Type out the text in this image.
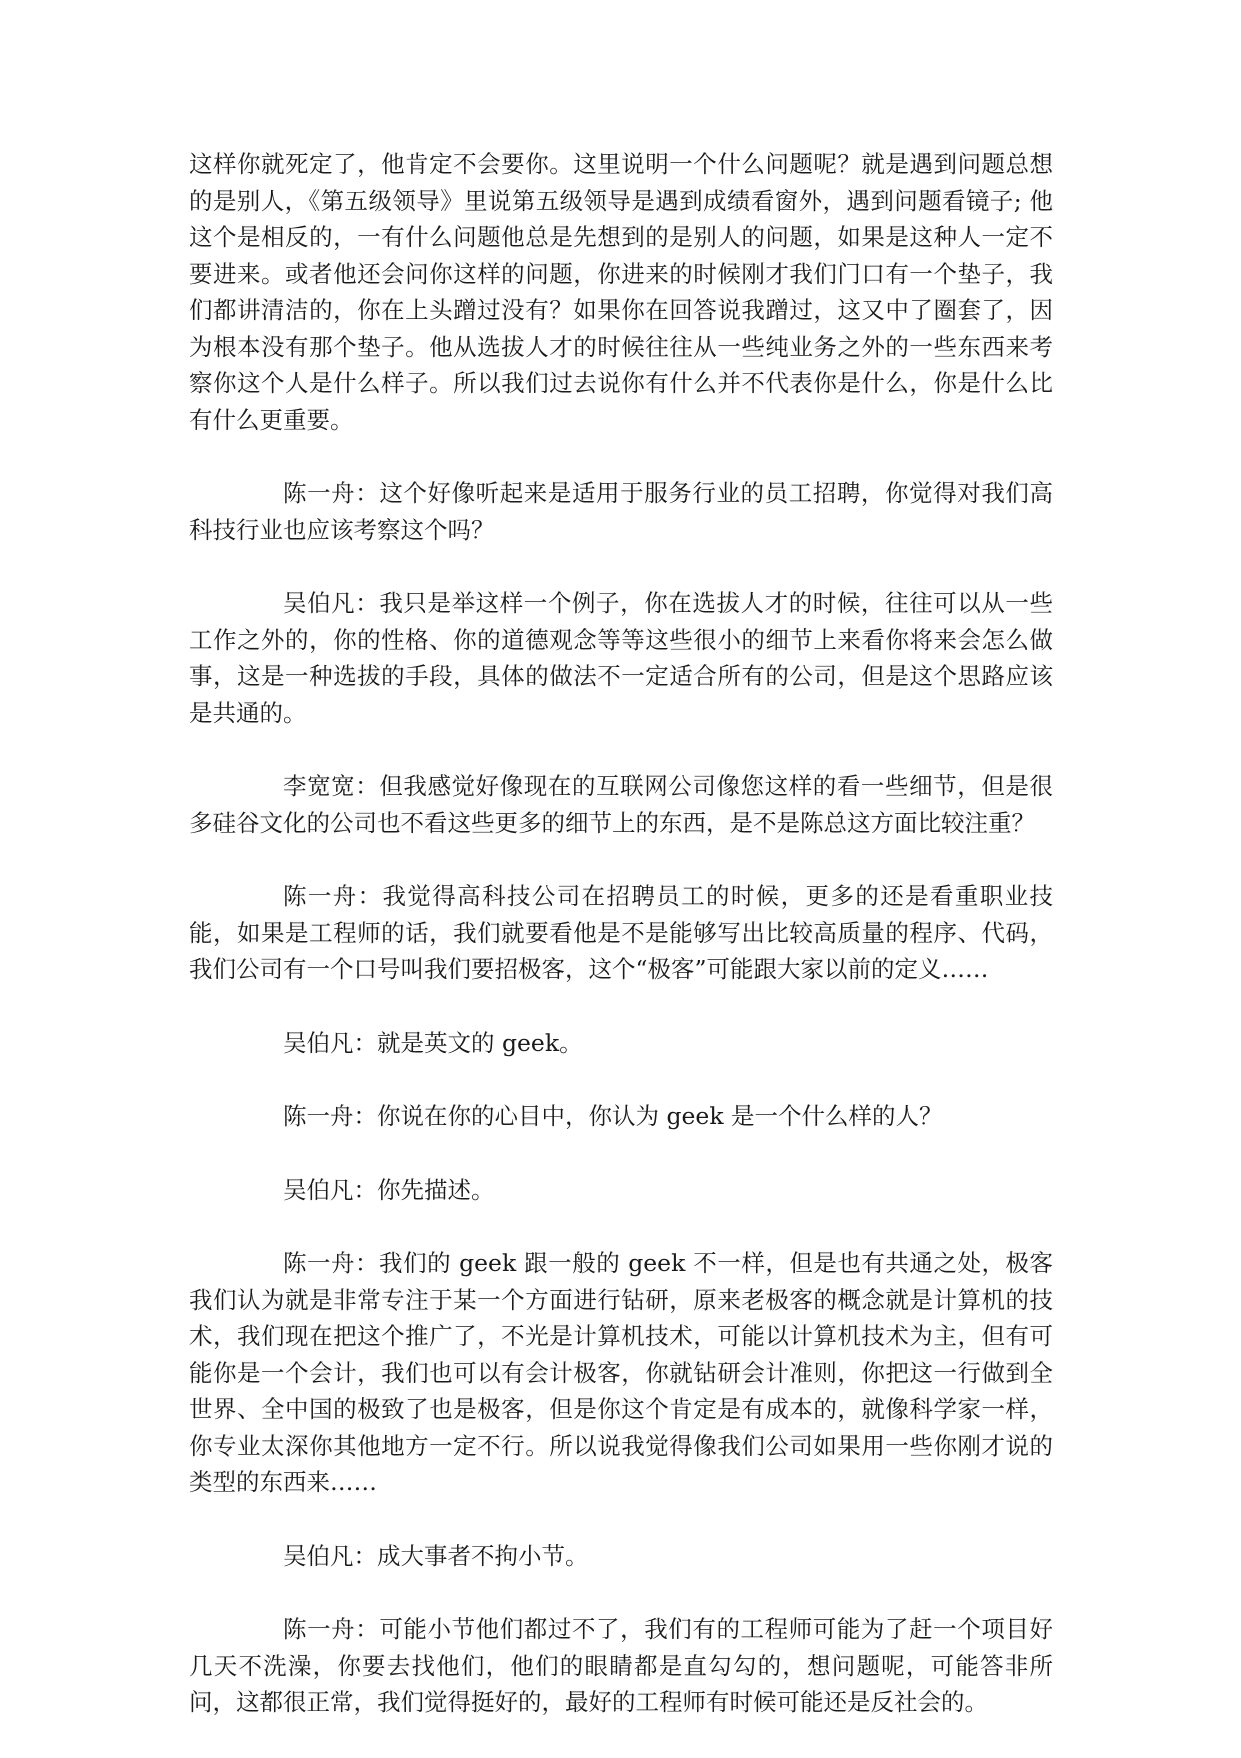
这样你就死定了，他肯定不会要你。这里说明一个什么问题呢？就是遇到问题总想的是别人，《第五级领导》里说第五级领导是遇到成绩看窗外，遇到问题看镜子; 他这个是相反的，一有什么问题他总是先想到的是别人的问题，如果是这种人一定不要进来。或者他还会问你这样的问题，你进来的时候刚才我们门口有一个垫子，我们都讲清洁的，你在上头蹭过没有？如果你在回答说我蹭过，这又中了圈套了，因为根本没有那个垫子。他从选拔人才的时候往往从一些纯业务之外的一些东西来考察你这个人是什么样子。所以我们过去说你有什么并不代表你是什么，你是什么比有什么更重要。

陈一舟：这个好像听起来是适用于服务行业的员工招聘，你觉得对我们高科技行业也应该考察这个吗？

吴伯凡：我只是举这样一个例子，你在选拔人才的时候，往往可以从一些工作之外的，你的性格、你的道德观念等等这些很小的细节上来看你将来会怎么做事，这是一种选拔的手段，具体的做法不一定适合所有的公司，但是这个思路应该是共通的。

李宽宽：但我感觉好像现在的互联网公司像您这样的看一些细节，但是很多硅谷文化的公司也不看这些更多的细节上的东西，是不是陈总这方面比较注重？

陈一舟：我觉得高科技公司在招聘员工的时候，更多的还是看重职业技能，如果是工程师的话，我们就要看他是不是能够写出比较高质量的程序、代码，我们公司有一个口号叫我们要招极客，这个“极客”可能跟大家以前的定义……

吴伯凡：就是英文的 geek。

陈一舟：你说在你的心目中，你认为 geek 是一个什么样的人？

吴伯凡：你先描述。

陈一舟：我们的 geek 跟一般的 geek 不一样，但是也有共通之处，极客我们认为就是非常专注于某一个方面进行钻研，原来老极客的概念就是计算机的技术，我们现在把这个推广了，不光是计算机技术，可能以计算机技术为主，但有可能你是一个会计，我们也可以有会计极客，你就钻研会计准则，你把这一行做到全世界、全中国的极致了也是极客，但是你这个肯定是有成本的，就像科学家一样，你专业太深你其他地方一定不行。所以说我觉得像我们公司如果用一些你刚才说的类型的东西来……

吴伯凡：成大事者不拘小节。

陈一舟：可能小节他们都过不了，我们有的工程师可能为了赶一个项目好几天不洗澡，你要去找他们，他们的眼睛都是直勾勾的，想问题呢，可能答非所问，这都很正常，我们觉得挺好的，最好的工程师有时候可能还是反社会的。
